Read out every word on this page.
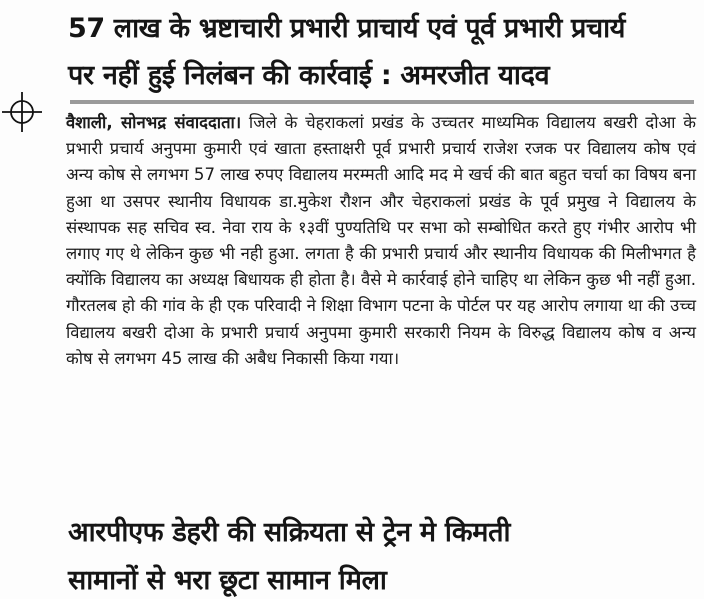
57 लाख के भ्रष्टाचारी प्रभारी प्राचार्य एवं पूर्व प्रभारी प्रचार्य
पर नहीं हुई निलंबन की कार्रवाई : अमरजीत यादव
वैशाली, सोनभद्र संवाददाता। जिले के चेहराकलां प्रखंड के उच्चतर माध्यमिक विद्यालय बखरी दोआ के प्रभारी प्रचार्य अनुपमा कुमारी एवं खाता हस्ताक्षरी पूर्व प्रभारी प्रचार्य राजेश रजक पर विद्यालय कोष एवं अन्य कोष से लगभग 57 लाख रुपए विद्यालय मरम्मती आदि मद मे खर्च की बात बहुत चर्चा का विषय बना हुआ था उसपर स्थानीय विधायक डा.मुकेश रौशन और चेहराकलां प्रखंड के पूर्व प्रमुख ने विद्यालय के संस्थापक सह सचिव स्व. नेवा राय के १३वीं पुण्यतिथि पर सभा को सम्बोधित करते हुए गंभीर आरोप भी लगाए गए थे लेकिन कुछ भी नही हुआ. लगता है की प्रभारी प्रचार्य और स्थानीय विधायक की मिलीभगत है क्योंकि विद्यालय का अध्यक्ष बिधायक ही होता है। वैसे मे कार्रवाई होने चाहिए था लेकिन कुछ भी नहीं हुआ. गौरतलब हो की गांव के ही एक परिवादी ने शिक्षा विभाग पटना के पोर्टल पर यह आरोप लगाया था की उच्च विद्यालय बखरी दोआ के प्रभारी प्रचार्य अनुपमा कुमारी सरकारी नियम के विरुद्ध विद्यालय कोष व अन्य कोष से लगभग 45 लाख की अबैध निकासी किया गया।
आरपीएफ डेहरी की सक्रियता से ट्रेन मे किमती
सामानों से भरा छूटा सामान मिला
